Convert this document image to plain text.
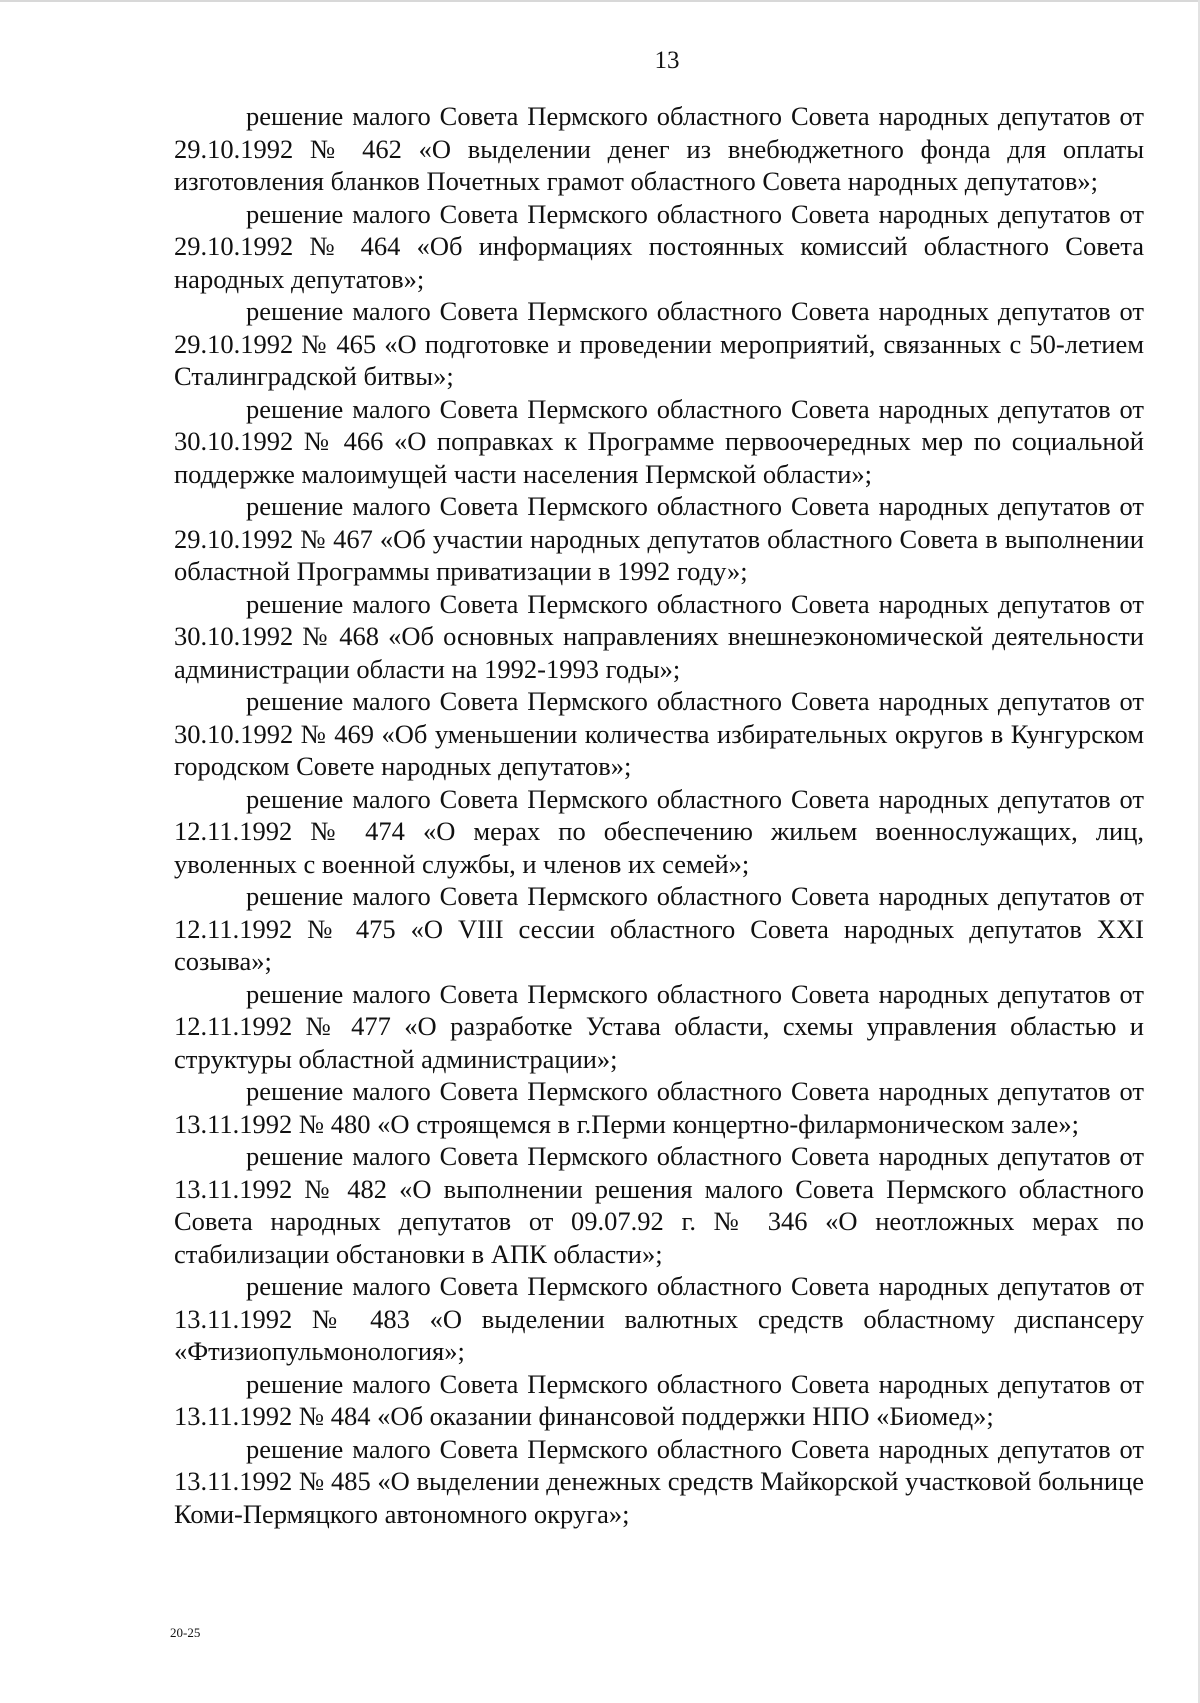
13

решение малого Совета Пермского областного Совета народных депутатов от 29.10.1992 № 462 «О выделении денег из внебюджетного фонда для оплаты изготовления бланков Почетных грамот областного Совета народных депутатов»;

решение малого Совета Пермского областного Совета народных депутатов от 29.10.1992 № 464 «Об информациях постоянных комиссий областного Совета народных депутатов»;

решение малого Совета Пермского областного Совета народных депутатов от 29.10.1992 № 465 «О подготовке и проведении мероприятий, связанных с 50-летием Сталинградской битвы»;

решение малого Совета Пермского областного Совета народных депутатов от 30.10.1992 № 466 «О поправках к Программе первоочередных мер по социальной поддержке малоимущей части населения Пермской области»;

решение малого Совета Пермского областного Совета народных депутатов от 29.10.1992 № 467 «Об участии народных депутатов областного Совета в выполнении областной Программы приватизации в 1992 году»;

решение малого Совета Пермского областного Совета народных депутатов от 30.10.1992 № 468 «Об основных направлениях внешнеэкономической деятельности администрации области на 1992-1993 годы»;

решение малого Совета Пермского областного Совета народных депутатов от 30.10.1992 № 469 «Об уменьшении количества избирательных округов в Кунгурском городском Совете народных депутатов»;

решение малого Совета Пермского областного Совета народных депутатов от 12.11.1992 № 474 «О мерах по обеспечению жильем военнослужащих, лиц, уволенных с военной службы, и членов их семей»;

решение малого Совета Пермского областного Совета народных депутатов от 12.11.1992 № 475 «О VIII сессии областного Совета народных депутатов XXI созыва»;

решение малого Совета Пермского областного Совета народных депутатов от 12.11.1992 № 477 «О разработке Устава области, схемы управления областью и структуры областной администрации»;

решение малого Совета Пермского областного Совета народных депутатов от 13.11.1992 № 480 «О строящемся в г.Перми концертно-филармоническом зале»;

решение малого Совета Пермского областного Совета народных депутатов от 13.11.1992 № 482 «О выполнении решения малого Совета Пермского областного Совета народных депутатов от 09.07.92 г. № 346 «О неотложных мерах по стабилизации обстановки в АПК области»;

решение малого Совета Пермского областного Совета народных депутатов от 13.11.1992 № 483 «О выделении валютных средств областному диспансеру «Фтизиопульмонология»;

решение малого Совета Пермского областного Совета народных депутатов от 13.11.1992 № 484 «Об оказании финансовой поддержки НПО «Биомед»;

решение малого Совета Пермского областного Совета народных депутатов от 13.11.1992 № 485 «О выделении денежных средств Майкорской участковой больнице Коми-Пермяцкого автономного округа»;

20-25
